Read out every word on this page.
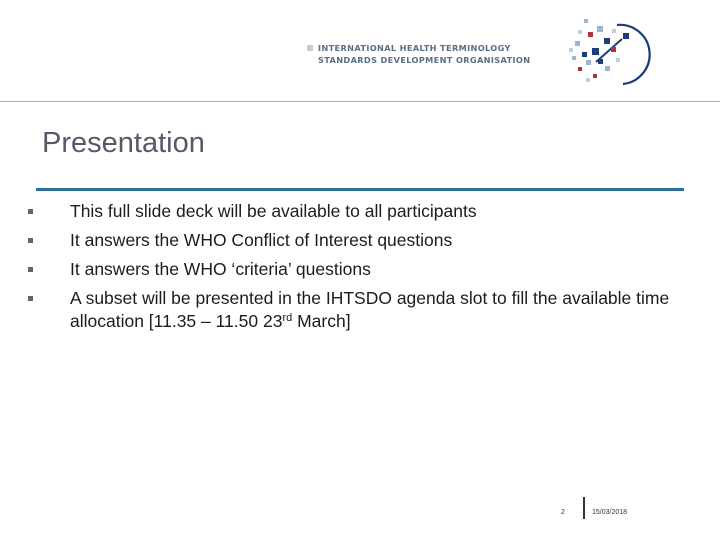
INTERNATIONAL HEALTH TERMINOLOGY
STANDARDS DEVELOPMENT ORGANISATION
Presentation
This full slide deck will be available to all participants
It answers the WHO Conflict of Interest questions
It answers the WHO ‘criteria’ questions
A subset will be presented in the IHTSDO agenda slot to fill the available time allocation [11.35 – 11.50 23rd March]
2	15/03/2018
